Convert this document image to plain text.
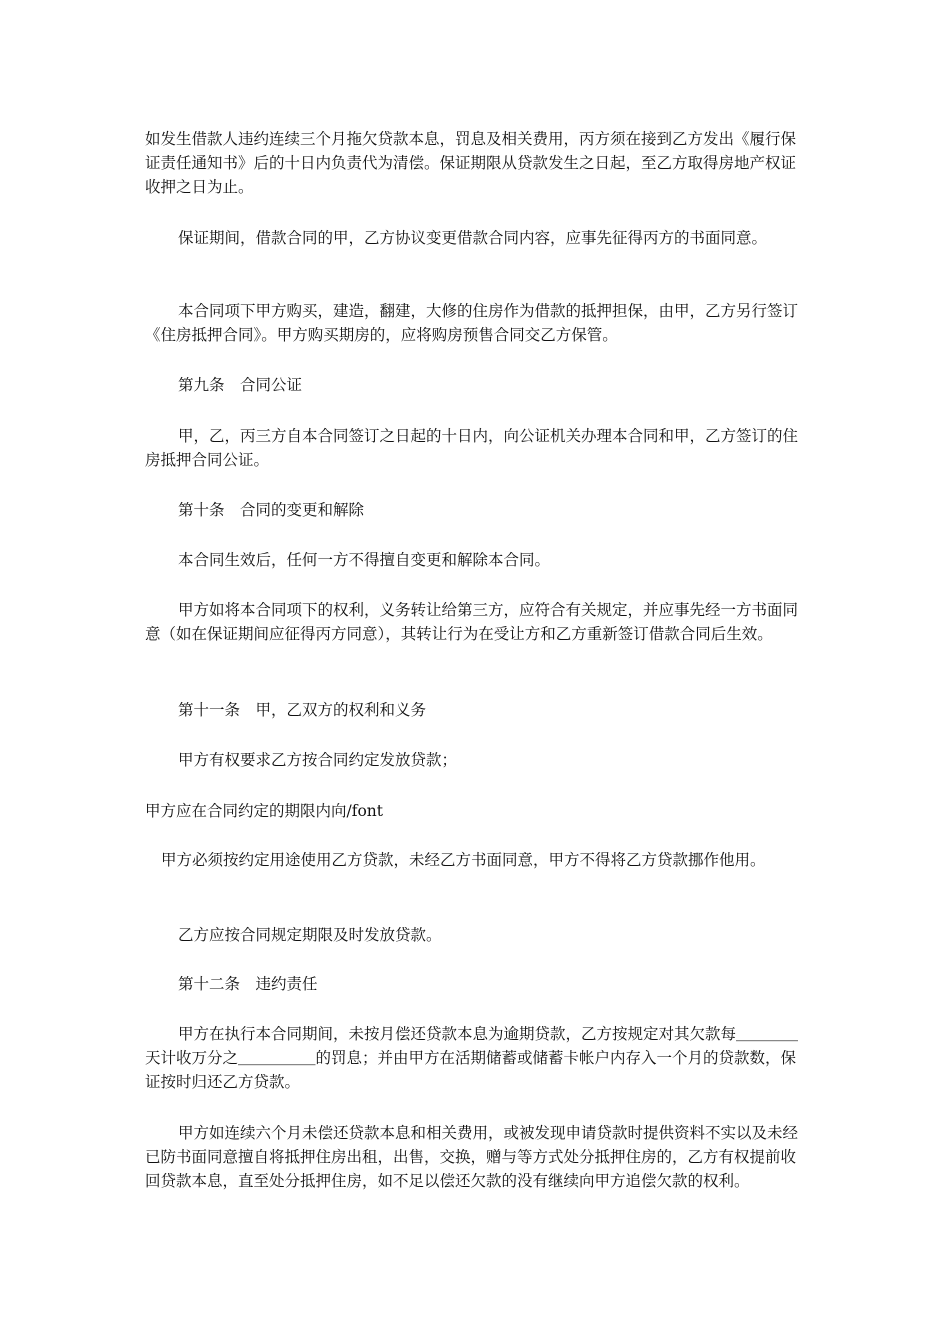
如发生借款人违约连续三个月拖欠贷款本息，罚息及相关费用，丙方须在接到乙方发出《履行保证责任通知书》后的十日内负责代为清偿。保证期限从贷款发生之日起，至乙方取得房地产权证收押之日为止。

保证期间，借款合同的甲，乙方协议变更借款合同内容，应事先征得丙方的书面同意。

本合同项下甲方购买，建造，翻建，大修的住房作为借款的抵押担保，由甲，乙方另行签订《住房抵押合同》。甲方购买期房的，应将购房预售合同交乙方保管。

第九条　合同公证

甲，乙，丙三方自本合同签订之日起的十日内，向公证机关办理本合同和甲，乙方签订的住房抵押合同公证。

第十条　合同的变更和解除

本合同生效后，任何一方不得擅自变更和解除本合同。

甲方如将本合同项下的权利，义务转让给第三方，应符合有关规定，并应事先经一方书面同意（如在保证期间应征得丙方同意），其转让行为在受让方和乙方重新签订借款合同后生效。

第十一条　甲，乙双方的权利和义务

甲方有权要求乙方按合同约定发放贷款；

甲方应在合同约定的期限内向/font

甲方必须按约定用途使用乙方贷款，未经乙方书面同意，甲方不得将乙方贷款挪作他用。

乙方应按合同规定期限及时发放贷款。

第十二条　违约责任

甲方在执行本合同期间，未按月偿还贷款本息为逾期贷款，乙方按规定对其欠款每＿＿＿＿天计收万分之＿＿＿＿＿的罚息；并由甲方在活期储蓄或储蓄卡帐户内存入一个月的贷款数，保证按时归还乙方贷款。

甲方如连续六个月未偿还贷款本息和相关费用，或被发现申请贷款时提供资料不实以及未经已防书面同意擅自将抵押住房出租，出售，交换，赠与等方式处分抵押住房的，乙方有权提前收回贷款本息，直至处分抵押住房，如不足以偿还欠款的没有继续向甲方追偿欠款的权利。
